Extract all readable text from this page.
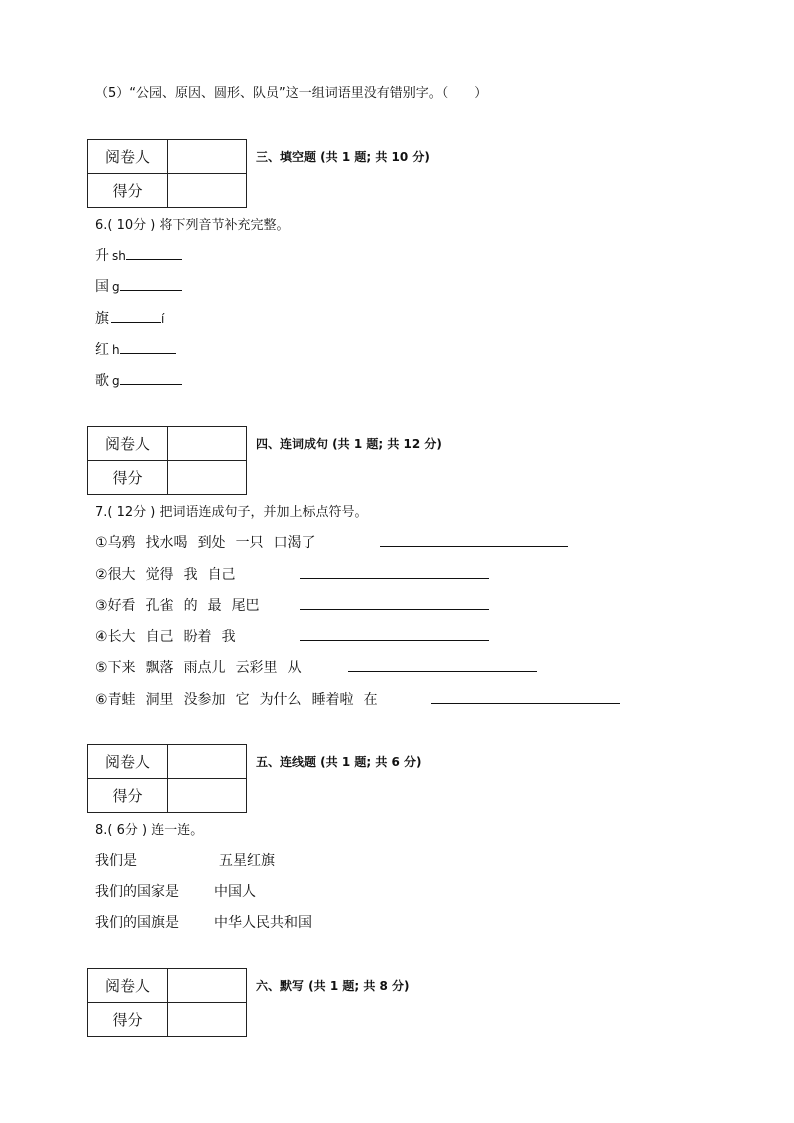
（5）“公园、原因、圆形、队员”这一组词语里没有错别字。（　　）
阅卷人	
得分	
三、填空题 (共 1 题; 共 10 分)
6.( 10分 ) 将下列音节补充完整。
升 sh
国 g
旗	í
红 h
歌 g
阅卷人	
得分	
四、连词成句 (共 1 题; 共 12 分)
7.( 12分 ) 把词语连成句子，并加上标点符号。
①乌鸦 找水喝 到处 一只 口渴了
②很大 觉得 我 自己
③好看 孔雀 的 最 尾巴
④长大 自己 盼着 我
⑤下来 飘落 雨点儿 云彩里 从
⑥青蛙 洞里 没参加 它 为什么 睡着啦 在
阅卷人	
得分	
五、连线题 (共 1 题; 共 6 分)
8.( 6分 ) 连一连。
我们是	五星红旗
我们的国家是	中国人
我们的国旗是	中华人民共和国
阅卷人	
得分	
六、默写 (共 1 题; 共 8 分)
